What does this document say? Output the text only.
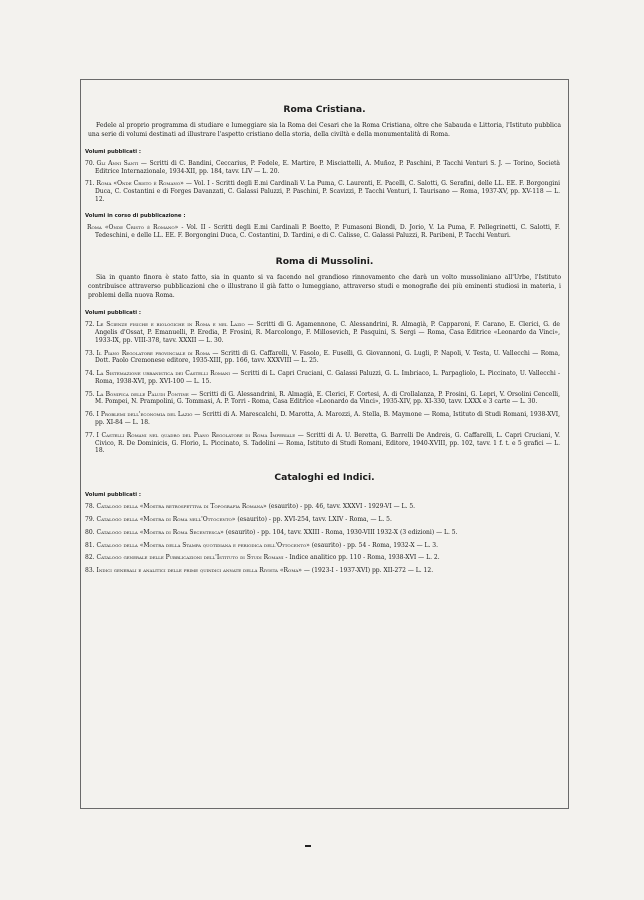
Roma Cristiana.

Fedele al proprio programma di studiare e lumeggiare sia la Roma dei Cesari che la Roma Cristiana, oltre che Sabauda e Littoria, l'Istituto pubblica una serie di volumi destinati ad illustrare l'aspetto cristiano della storia, della civiltà e della monumentalità di Roma.

Volumi pubblicati :

70. Gli Anni Santi — Scritti di C. Bandini, Ceccarius, P. Fedele, E. Martire, P. Misciattelli, A. Muñoz, P. Paschini, P. Tacchi Venturi S. J. — Torino, Società Editrice Internazionale, 1934-XII, pp. 184, tavv. LIV — L. 20.
71. Roma «Onde Cristo è Romano» — Vol. I - Scritti degli E.mi Cardinali V. La Puma, C. Laurenti, E. Pacelli, C. Salotti, G. Serafini, delle LL. EE. F. Borgongini Duca, C. Costantini e di Forges Davanzati, C. Galassi Paluzzi, P. Paschini, P. Scavizzi, P. Tacchi Venturi, I. Taurisano — Roma, 1937-XV, pp. XV-118 — L. 12.

Volumi in corso di pubblicazione :

Roma «Onde Cristo è Romano» - Vol. II - Scritti degli E.mi Cardinali P. Boetto, P. Fumasoni Biondi, D. Jorio, V. La Puma, F. Pellegrinetti, C. Salotti, F. Tedeschini, e delle LL. EE. F. Borgongini Duca, C. Costantini, D. Tardini, e di C. Calisse, C. Galassi Paluzzi, R. Paribeni, P. Tacchi Venturi.
Roma di Mussolini.

Sia in quanto finora è stato fatto, sia in quanto si va facendo nel grandioso rinnovamento che darà un volto mussoliniano all'Urbe, l'Istituto contribuisce attraverso pubblicazioni che o illustrano il già fatto o lumeggiano, attraverso studi e monografie dei più eminenti studiosi in materia, i problemi della nuova Roma.

Volumi pubblicati :

72. Le Scienze fisiche e biologiche in Roma e nel Lazio — Scritti di G. Agamennone, C. Alessandrini, R. Almagià, P. Capparoni, F. Carano, E. Clerici, G. de Angelis d'Ossat, P. Emanuelli, P. Eredia, P. Frosini, R. Marcolongo, F. Millosevich, P. Pasquini, S. Sergi — Roma, Casa Editrice «Leonardo da Vinci», 1933-IX, pp. VIII-378, tavv. XXXII — L. 30.
73. Il Piano Regolatore provinciale di Roma — Scritti di G. Caffarelli, V. Fasolo, E. Fuselli, G. Giovannoni, G. Lugli, P. Napoli, V. Testa, U. Vallecchi — Roma, Dott. Paolo Cremonese editore, 1935-XIII, pp. 166, tavv. XXXVIII — L. 25.
74. La Sistemazione urbanistica dei Castelli Romani — Scritti di L. Capri Cruciani, C. Galassi Paluzzi, G. L. Imbriaco, L. Parpagliolo, L. Piccinato, U. Vallecchi - Roma, 1938-XVI, pp. XVI-100 — L. 15.
75. La Bonifica delle Paludi Pontine — Scritti di G. Alessandrini, R. Almagià, E. Clerici, F. Cortesi, A. di Crollalanza, P. Frosini, G. Lepri, V. Orsolini Cencelli, M. Pompei, N. Prampolini, G. Tommasi, A. P. Torri - Roma, Casa Editrice «Leonardo da Vinci», 1935-XIV, pp. XI-330, tavv. LXXX e 3 carte — L. 30.
76. I Problemi dell'economia del Lazio — Scritti di A. Marescalchi, D. Marotta, A. Marozzi, A. Stella, B. Maymone — Roma, Istituto di Studi Romani, 1938-XVI, pp. XI-84 — L. 18.
77. I Castelli Romani nel quadro del Piano Regolatore di Roma Imperiale — Scritti di A. U. Beretta, G. Barrelli De Andreis, G. Caffarelli, L. Capri Cruciani, V. Civico, R. De Dominicis, G. Florio, L. Piccinato, S. Tadolini — Roma, Istituto di Studi Romani, Editore, 1940-XVIII, pp. 102, tavv. 1 f. t. e 5 grafici — L. 18.
Cataloghi ed Indici.

Volumi pubblicati :

78. Catalogo della «Mostra retrospettiva di Topografia Romana» (esaurito) - pp. 46, tavv. XXXVI - 1929-VI — L. 5.
79. Catalogo della «Mostra di Roma nell'Ottocento» (esaurito) - pp. XVI-254, tavv. LXIV - Roma, — L. 5.
80. Catalogo della «Mostra di Roma Secentesca» (esaurito) - pp. 104, tavv. XXIII - Roma, 1930-VIII 1932-X (3 edizioni) — L. 5.
81. Catalogo della «Mostra della Stampa quotidiana e periodica dell'Ottocento» (esaurito) - pp. 54 - Roma, 1932-X — L. 3.
82. Catalogo generale delle Pubblicazioni dell'Istituto di Studi Romani - Indice analitico pp. 110 - Roma, 1938-XVI — L. 2.
83. Indici generali e analitici delle prime quindici annate della Rivista «Roma» — (1923-I - 1937-XVI) pp. XII-272 — L. 12.
